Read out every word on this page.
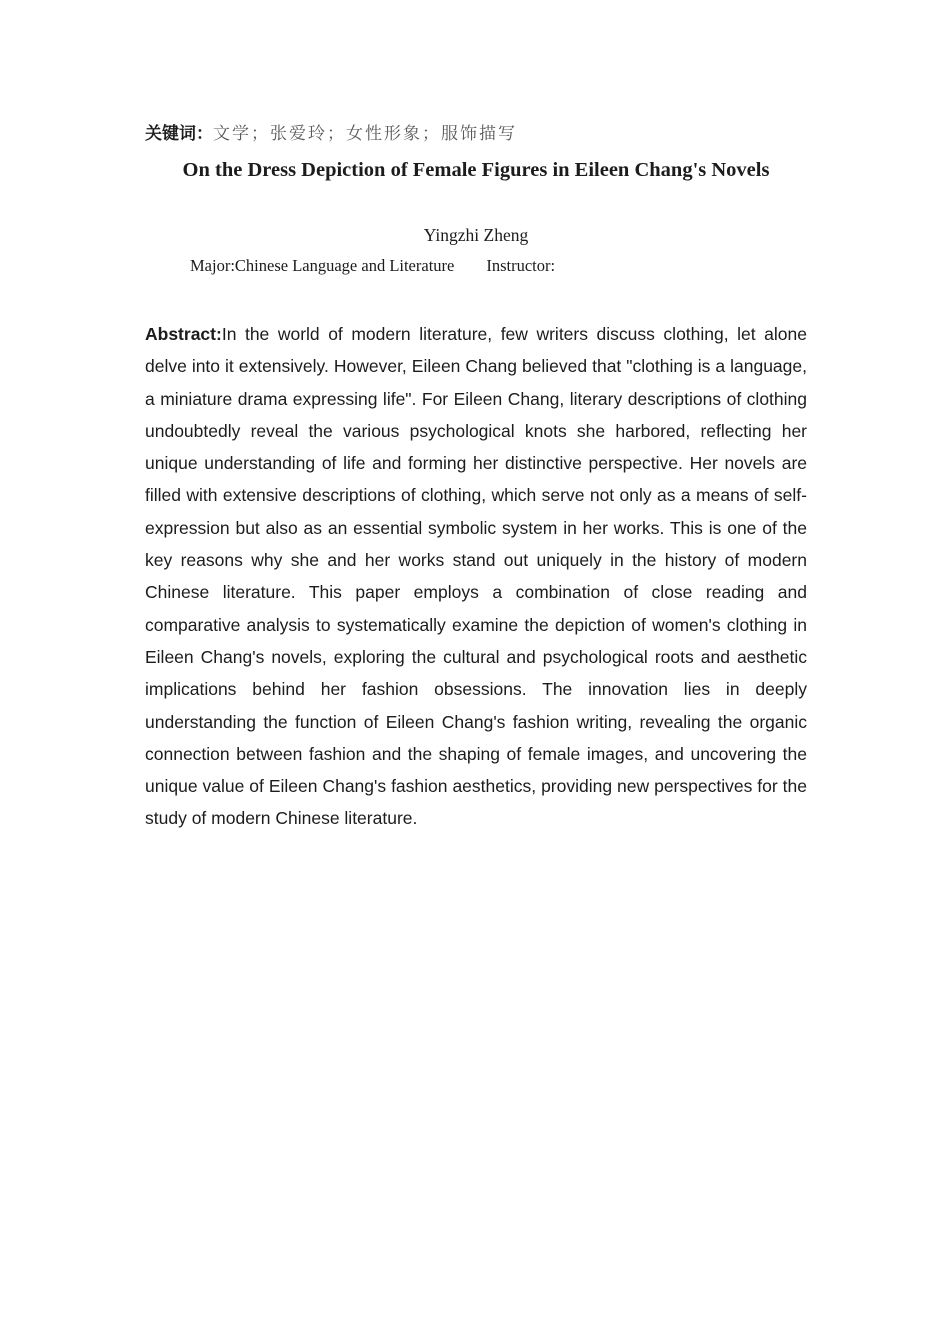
关键词：文学；张爱玲；女性形象；服饰描写

On the Dress Depiction of Female Figures in Eileen Chang's Novels

Yingzhi Zheng

Major:Chinese Language and Literature Instructor:

Abstract:In the world of modern literature, few writers discuss clothing, let alone delve into it extensively. However, Eileen Chang believed that "clothing is a language, a miniature drama expressing life". For Eileen Chang, literary descriptions of clothing undoubtedly reveal the various psychological knots she harbored, reflecting her unique understanding of life and forming her distinctive perspective. Her novels are filled with extensive descriptions of clothing, which serve not only as a means of self-expression but also as an essential symbolic system in her works. This is one of the key reasons why she and her works stand out uniquely in the history of modern Chinese literature. This paper employs a combination of close reading and comparative analysis to systematically examine the depiction of women's clothing in Eileen Chang's novels, exploring the cultural and psychological roots and aesthetic implications behind her fashion obsessions. The innovation lies in deeply understanding the function of Eileen Chang's fashion writing, revealing the organic connection between fashion and the shaping of female images, and uncovering the unique value of Eileen Chang's fashion aesthetics, providing new perspectives for the study of modern Chinese literature.
